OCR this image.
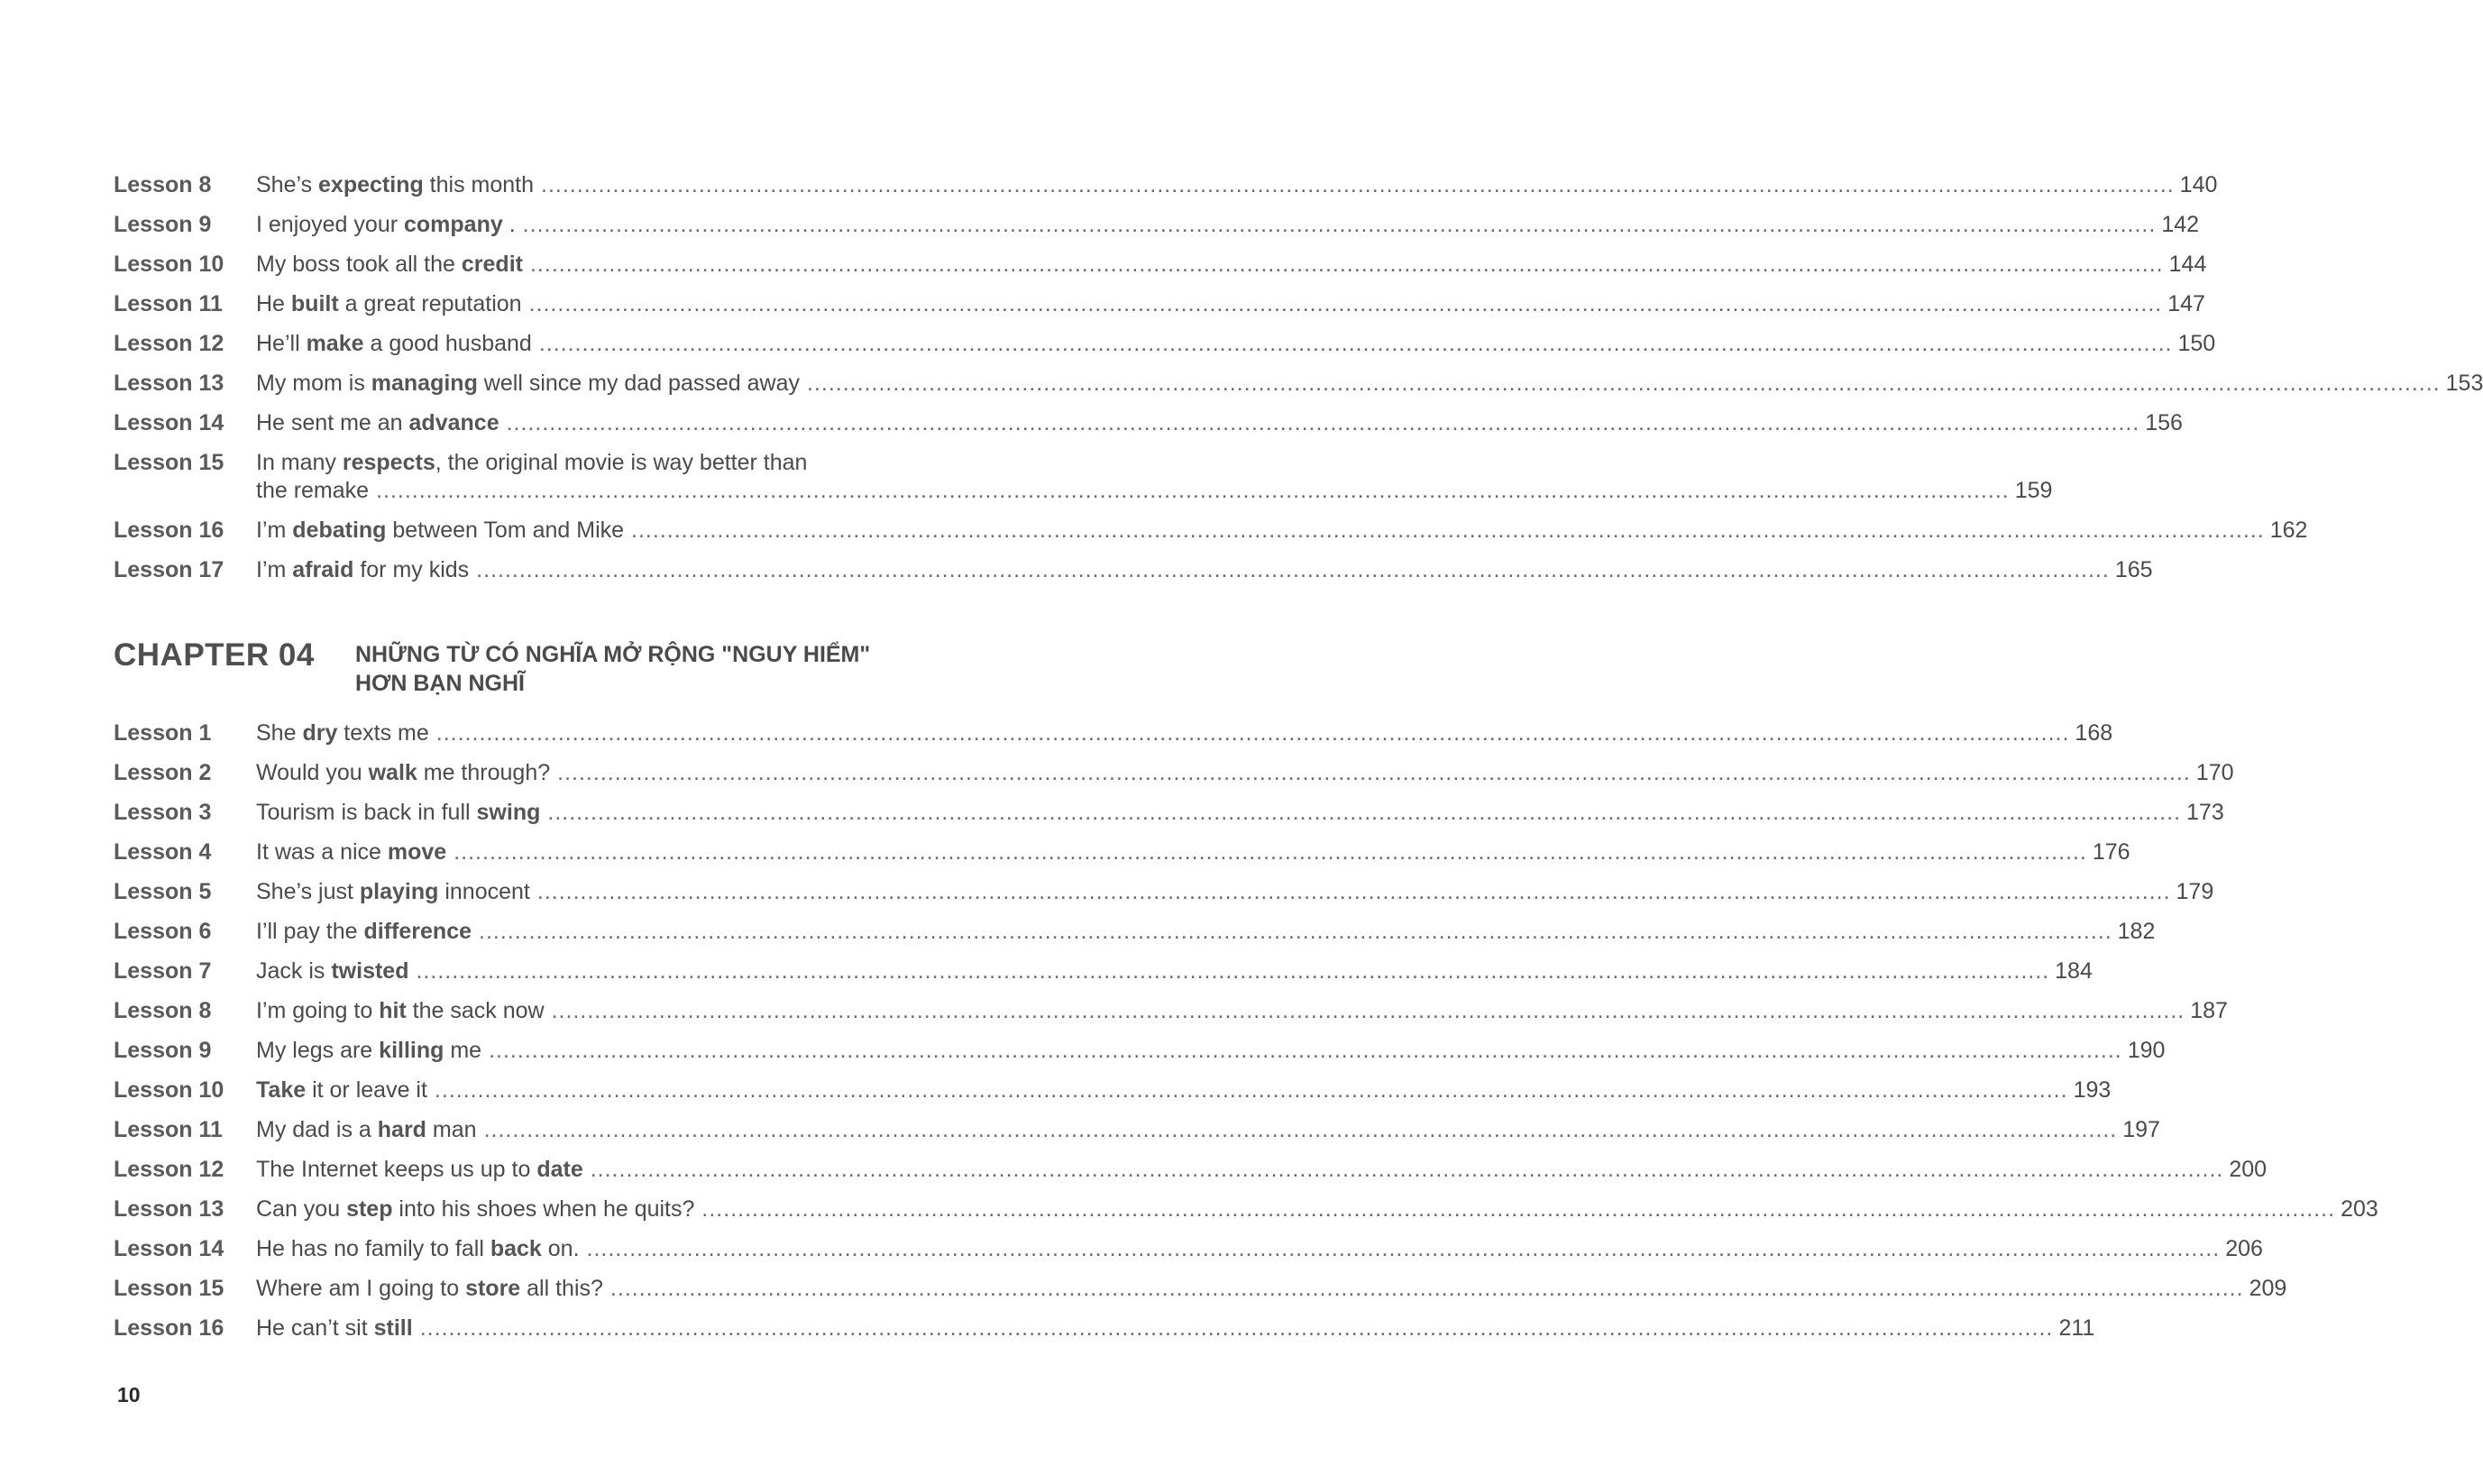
Lesson 8	She’s expecting this month .....	140
Lesson 9	I enjoyed your company . .....	142
Lesson 10	My boss took all the credit .....	144
Lesson 11	He built a great reputation .....	147
Lesson 12	He’ll make a good husband .....	150
Lesson 13	My mom is managing well since my dad passed away .....	153
Lesson 14	He sent me an advance .....	156
Lesson 15	In many respects, the original movie is way better than
the remake .....	159
Lesson 16	I’m debating between Tom and Mike .....	162
Lesson 17	I’m afraid for my kids .....	165
CHAPTER 04	NHỮNG TỪ CÓ NGHĨA MỞ RỘNG "NGUY HIỂM"
HƠN BẠN NGHĨ
Lesson 1	She dry texts me .....	168
Lesson 2	Would you walk me through? .....	170
Lesson 3	Tourism is back in full swing .....	173
Lesson 4	It was a nice move .....	176
Lesson 5	She’s just playing innocent .....	179
Lesson 6	I’ll pay the difference .....	182
Lesson 7	Jack is twisted .....	184
Lesson 8	I’m going to hit the sack now .....	187
Lesson 9	My legs are killing me .....	190
Lesson 10	Take it or leave it .....	193
Lesson 11	My dad is a hard man .....	197
Lesson 12	The Internet keeps us up to date .....	200
Lesson 13	Can you step into his shoes when he quits? .....	203
Lesson 14	He has no family to fall back on. .....	206
Lesson 15	Where am I going to store all this? .....	209
Lesson 16	He can’t sit still .....	211
10
